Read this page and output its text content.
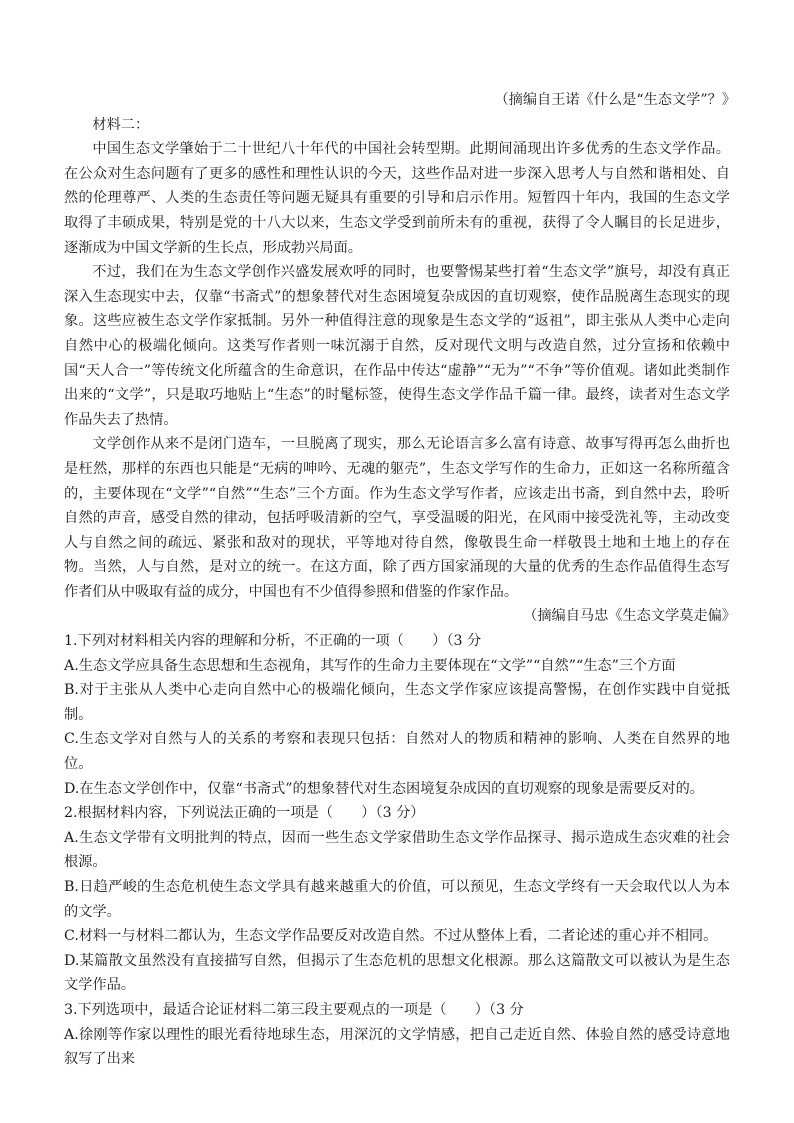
（摘编自王诺《什么是“生态文学”？》

材料二：

中国生态文学肇始于二十世纪八十年代的中国社会转型期。此期间涌现出许多优秀的生态文学作品。在公众对生态问题有了更多的感性和理性认识的今天，这些作品对进一步深入思考人与自然和谐相处、自然的伦理尊严、人类的生态责任等问题无疑具有重要的引导和启示作用。短暂四十年内，我国的生态文学取得了丰硕成果，特别是党的十八大以来，生态文学受到前所未有的重视，获得了令人瞩目的长足进步，逐渐成为中国文学新的生长点，形成勃兴局面。

不过，我们在为生态文学创作兴盛发展欢呼的同时，也要警惕某些打着“生态文学”旗号，却没有真正深入生态现实中去，仅靠“书斋式”的想象替代对生态困境复杂成因的直切观察，使作品脱离生态现实的现象。这些应被生态文学作家抵制。另外一种值得注意的现象是生态文学的“返祖”，即主张从人类中心走向自然中心的极端化倾向。这类写作者则一味沉溺于自然，反对现代文明与改造自然，过分宣扬和依赖中国“天人合一”等传统文化所蕴含的生命意识，在作品中传达“虚静”“无为”“不争”等价值观。诸如此类制作出来的“文学”，只是取巧地贴上“生态”的时髦标签，使得生态文学作品千篇一律。最终，读者对生态文学作品失去了热情。

文学创作从来不是闭门造车，一旦脱离了现实，那么无论语言多么富有诗意、故事写得再怎么曲折也是枉然，那样的东西也只能是“无病的呻吟、无魂的躯壳”，生态文学写作的生命力，正如这一名称所蕴含的，主要体现在“文学”“自然”“生态”三个方面。作为生态文学写作者，应该走出书斋，到自然中去，聆听自然的声音，感受自然的律动，包括呼吸清新的空气，享受温暖的阳光，在风雨中接受洗礼等，主动改变人与自然之间的疏远、紧张和敌对的现状，平等地对待自然，像敬畏生命一样敬畏土地和土地上的存在物。当然，人与自然，是对立的统一。在这方面，除了西方国家涌现的大量的优秀的生态作品值得生态写作者们从中吸取有益的成分，中国也有不少值得参照和借鉴的作家作品。

（摘编自马忠《生态文学莫走偏》

1.下列对材料相关内容的理解和分析，不正确的一项（　　）（3 分

A.生态文学应具备生态思想和生态视角，其写作的生命力主要体现在“文学”“自然”“生态”三个方面

B.对于主张从人类中心走向自然中心的极端化倾向，生态文学作家应该提高警惕，在创作实践中自觉抵制。

C.生态文学对自然与人的关系的考察和表现只包括：自然对人的物质和精神的影响、人类在自然界的地位。

D.在生态文学创作中，仅靠“书斋式”的想象替代对生态困境复杂成因的直切观察的现象是需要反对的。

2.根据材料内容，下列说法正确的一项是（　　）（3 分）

A.生态文学带有文明批判的特点，因而一些生态文学家借助生态文学作品探寻、揭示造成生态灾难的社会根源。

B.日趋严峻的生态危机使生态文学具有越来越重大的价值，可以预见，生态文学终有一天会取代以人为本的文学。

C.材料一与材料二都认为，生态文学作品要反对改造自然。不过从整体上看，二者论述的重心并不相同。

D.某篇散文虽然没有直接描写自然，但揭示了生态危机的思想文化根源。那么这篇散文可以被认为是生态文学作品。

3.下列选项中，最适合论证材料二第三段主要观点的一项是（　　）（3 分

A.徐刚等作家以理性的眼光看待地球生态，用深沉的文学情感，把自己走近自然、体验自然的感受诗意地叙写了出来
